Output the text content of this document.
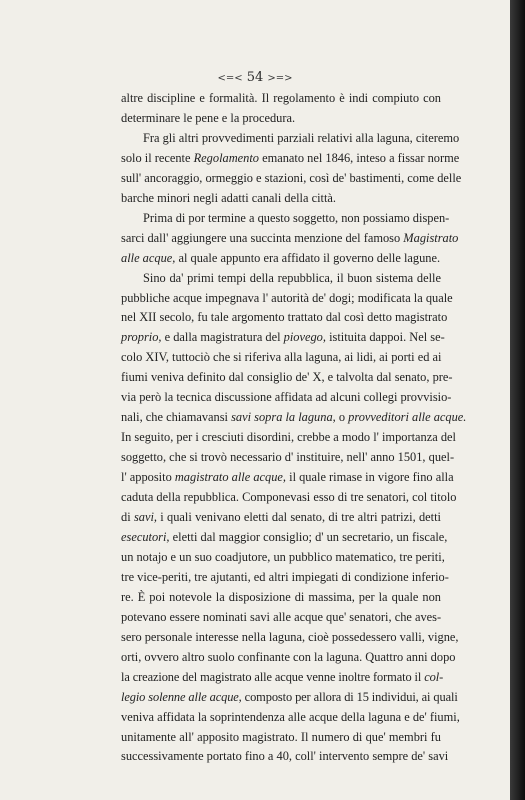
<=< 54 >=>
altre discipline e formalità. Il regolamento è indi compiuto con
determinare le pene e la procedura.
Fra gli altri provvedimenti parziali relativi alla laguna, citeremo
solo il recente Regolamento emanato nel 1846, inteso a fissar norme
sull' ancoraggio, ormeggio e stazioni, così de' bastimenti, come delle
barche minori negli adatti canali della città.
Prima di por termine a questo soggetto, non possiamo dispen-
sarci dall' aggiungere una succinta menzione del famoso Magistrato
alle acque, al quale appunto era affidato il governo delle lagune.
Sino da' primi tempi della repubblica, il buon sistema delle
pubbliche acque impegnava l' autorità de' dogi; modificata la quale
nel XII secolo, fu tale argomento trattato dal così detto magistrato
proprio, e dalla magistratura del piovego, istituita dappoi. Nel se-
colo XIV, tuttociò che si riferiva alla laguna, ai lidi, ai porti ed ai
fiumi veniva definito dal consiglio de' X, e talvolta dal senato, pre-
via però la tecnica discussione affidata ad alcuni collegi provvisio-
nali, che chiamavansi savi sopra la laguna, o provveditori alle acque.
In seguito, per i cresciuti disordini, crebbe a modo l' importanza del
soggetto, che si trovò necessario d' instituire, nell' anno 1501, quel-
l' apposito magistrato alle acque, il quale rimase in vigore fino alla
caduta della repubblica. Componevasi esso di tre senatori, col titolo
di savi, i quali venivano eletti dal senato, di tre altri patrizi, detti
esecutori, eletti dal maggior consiglio; d' un secretario, un fiscale,
un notajo e un suo coadjutore, un pubblico matematico, tre periti,
tre vice-periti, tre ajutanti, ed altri impiegati di condizione inferio-
re. È poi notevole la disposizione di massima, per la quale non
potevano essere nominati savi alle acque que' senatori, che aves-
sero personale interesse nella laguna, cioè possedessero valli, vigne,
orti, ovvero altro suolo confinante con la laguna. Quattro anni dopo
la creazione del magistrato alle acque venne inoltre formato il col-
legio solenne alle acque, composto per allora di 15 individui, ai quali
veniva affidata la soprintendenza alle acque della laguna e de' fiumi,
unitamente all' apposito magistrato. Il numero di que' membri fu
successivamente portato fino a 40, coll' intervento sempre de' savi
